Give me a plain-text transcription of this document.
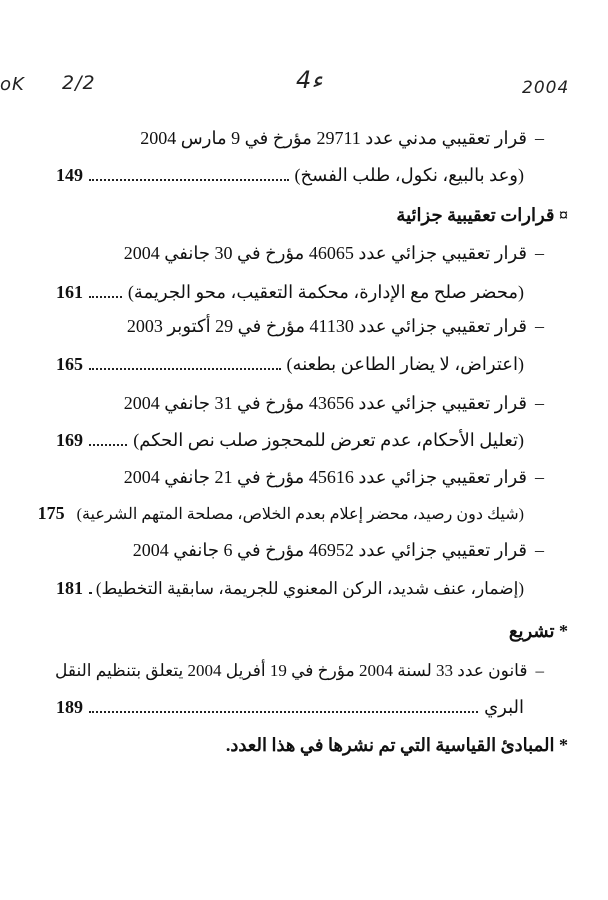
oK 2/2	4ء	2004
–قرار تعقيبي مدني عدد 29711 مؤرخ في 9 مارس 2004
(وعد بالبيع، نكول، طلب الفسخ)
149
¤ قرارات تعقيبية جزائية
–قرار تعقيبي جزائي عدد 46065 مؤرخ في 30 جانفي 2004
(محضر صلح مع الإدارة، محكمة التعقيب، محو الجريمة)
161
–قرار تعقيبي جزائي عدد 41130 مؤرخ في 29 أكتوبر 2003
(اعتراض، لا يضار الطاعن بطعنه)
165
–قرار تعقيبي جزائي عدد 43656 مؤرخ في 31 جانفي 2004
(تعليل الأحكام، عدم تعرض للمحجوز صلب نص الحكم)
169
–قرار تعقيبي جزائي عدد 45616 مؤرخ في 21 جانفي 2004
(شيك دون رصيد، محضر إعلام بعدم الخلاص، مصلحة المتهم الشرعية)
175
–قرار تعقيبي جزائي عدد 46952 مؤرخ في 6 جانفي 2004
(إضمار، عنف شديد، الركن المعنوي للجريمة، سابقية التخطيط)
181
* تشريع
–قانون عدد 33 لسنة 2004 مؤرخ في 19 أفريل 2004 يتعلق بتنظيم النقل
البري
189
* المبادئ القياسية التي تم نشرها في هذا العدد.
